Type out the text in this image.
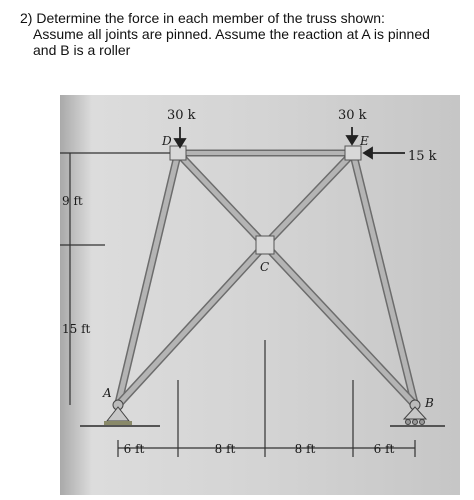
2) Determine the force in each member of the truss shown:
Assume all joints are pinned. Assume the reaction at A is pinned
and B is a roller
30 k	30 k
15 k
D	E
C
A
B
9 ft
15 ft
6 ft	8 ft	8 ft	6 ft
